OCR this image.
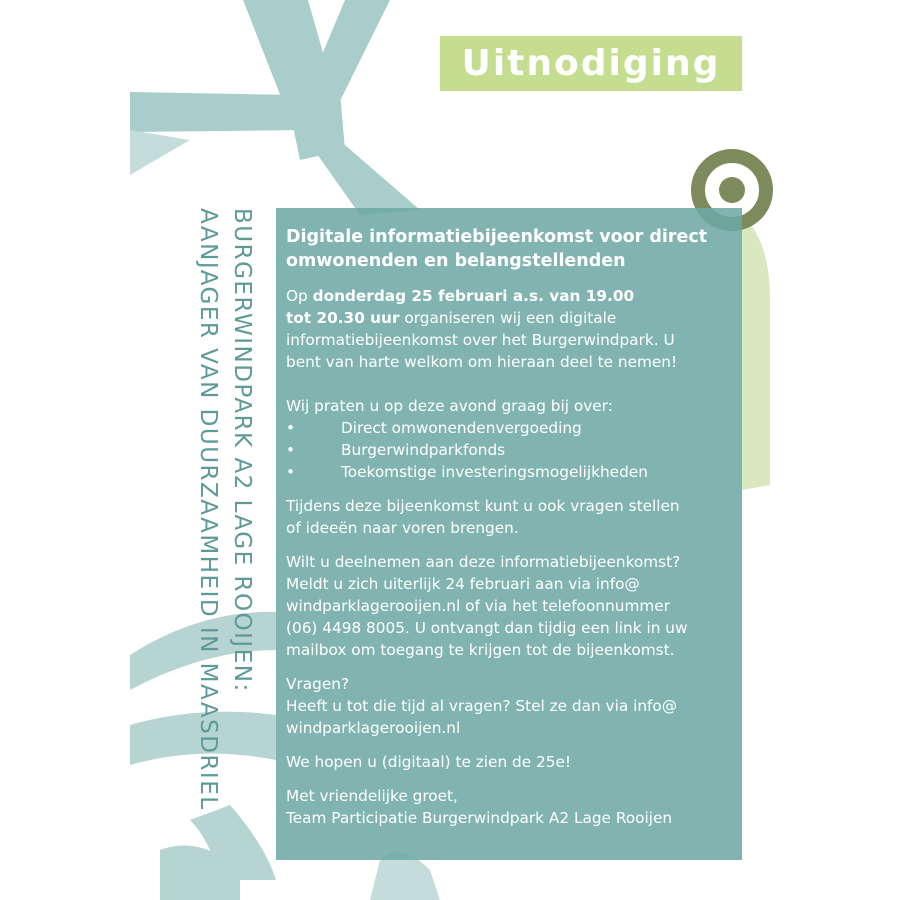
Uitnodiging
BURGERWINDPARK A2 LAGE ROOIJEN:
AANJAGER VAN DUURZAAMHEID IN MAASDRIEL	Digitale informatiebijeenkomst voor direct
omwonenden en belangstellenden

Op donderdag 25 februari a.s. van 19.00
tot 20.30 uur organiseren wij een digitale
informatiebijeenkomst over het Burgerwindpark. U
bent van harte welkom om hieraan deel te nemen!

Wij praten u op deze avond graag bij over:

•	Direct omwonendenvergoeding
•	Burgerwindparkfonds
•	Toekomstige investeringsmogelijkheden

Tijdens deze bijeenkomst kunt u ook vragen stellen
of ideeën naar voren brengen.

Wilt u deelnemen aan deze informatiebijeenkomst?
Meldt u zich uiterlijk 24 februari aan via info@
windparklagerooijen.nl of via het telefoonnummer
(06) 4498 8005. U ontvangt dan tijdig een link in uw
mailbox om toegang te krijgen tot de bijeenkomst.

Vragen?
Heeft u tot die tijd al vragen? Stel ze dan via info@
windparklagerooijen.nl

We hopen u (digitaal) te zien de 25e!

Met vriendelijke groet,
Team Participatie Burgerwindpark A2 Lage Rooijen
